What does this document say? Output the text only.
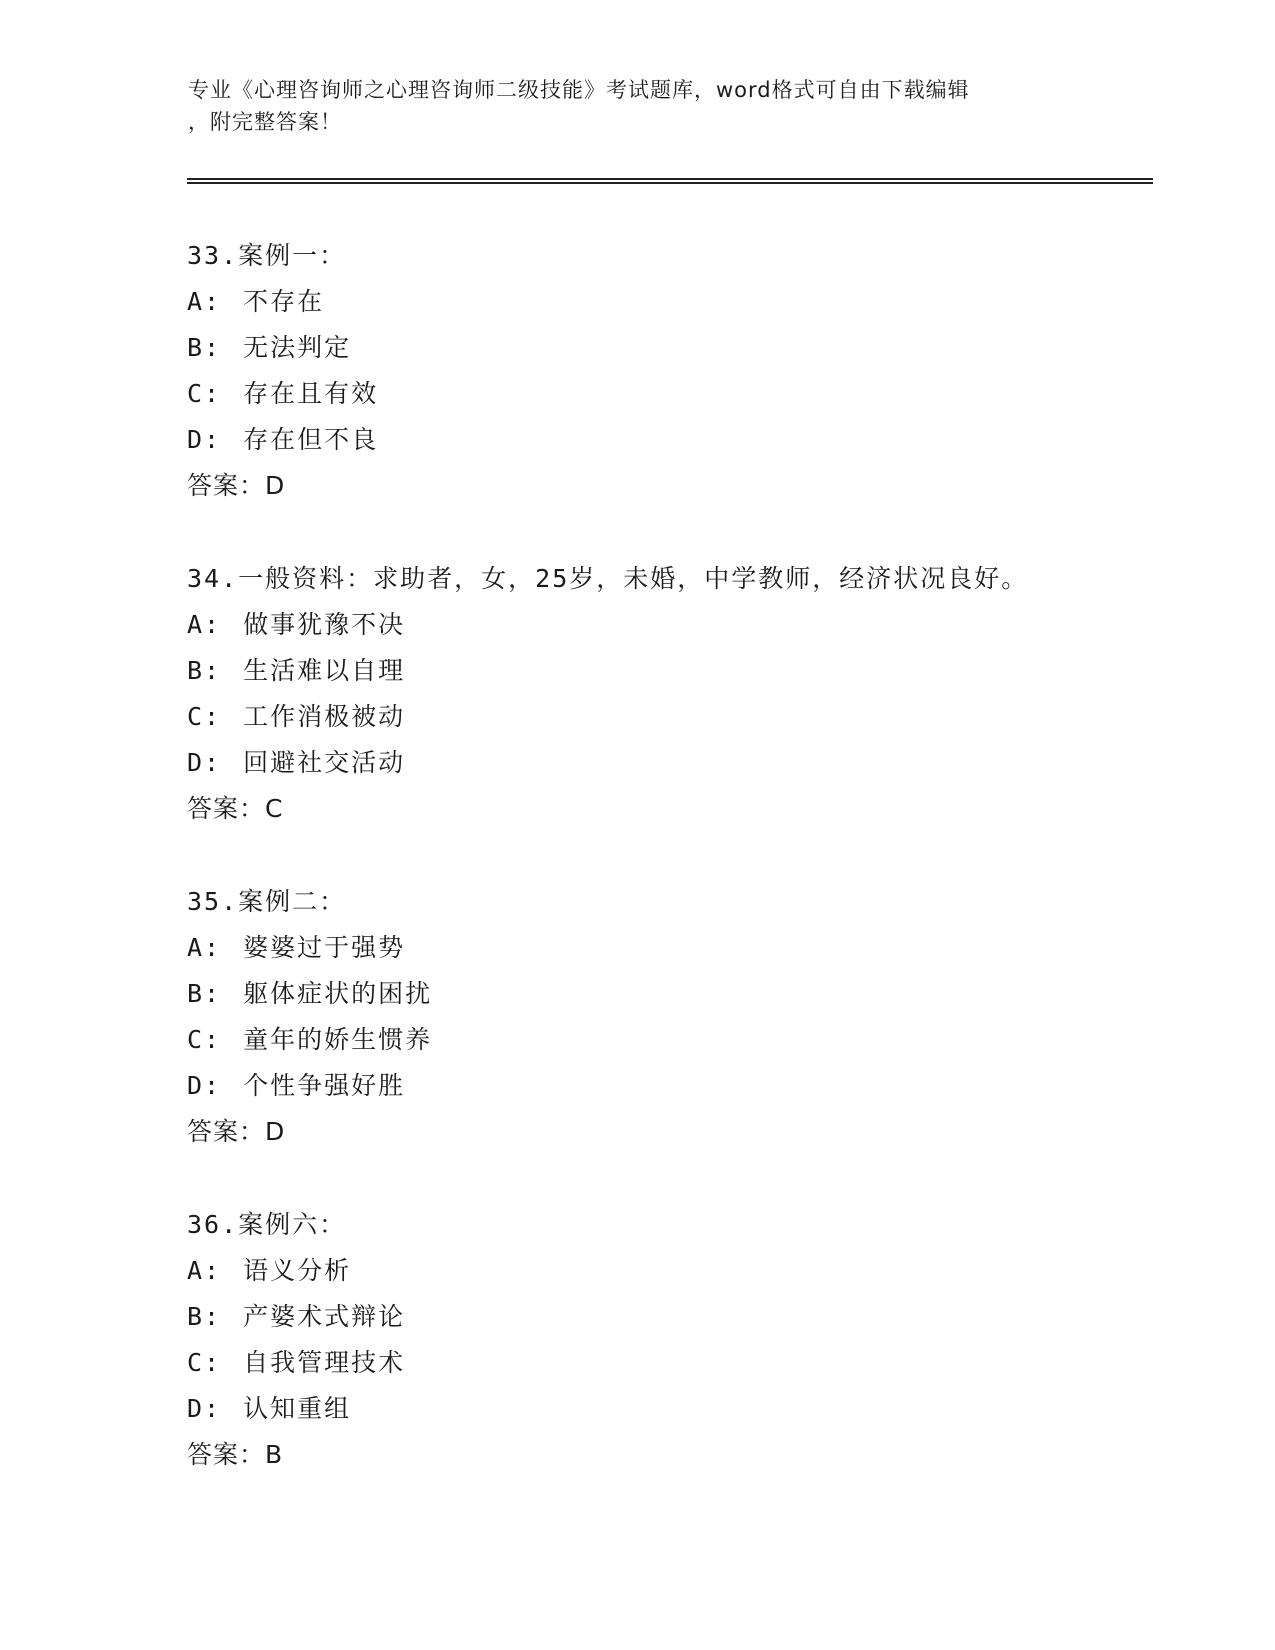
专业《心理咨询师之心理咨询师二级技能》考试题库，word格式可自由下载编辑
，附完整答案！
33.案例一：
A: 不存在
B: 无法判定
C: 存在且有效
D: 存在但不良
答案：D
34.一般资料：求助者，女，25岁，未婚，中学教师，经济状况良好。
A: 做事犹豫不决
B: 生活难以自理
C: 工作消极被动
D: 回避社交活动
答案：C
35.案例二：
A: 婆婆过于强势
B: 躯体症状的困扰
C: 童年的娇生惯养
D: 个性争强好胜
答案：D
36.案例六：
A: 语义分析
B: 产婆术式辩论
C: 自我管理技术
D: 认知重组
答案：B
